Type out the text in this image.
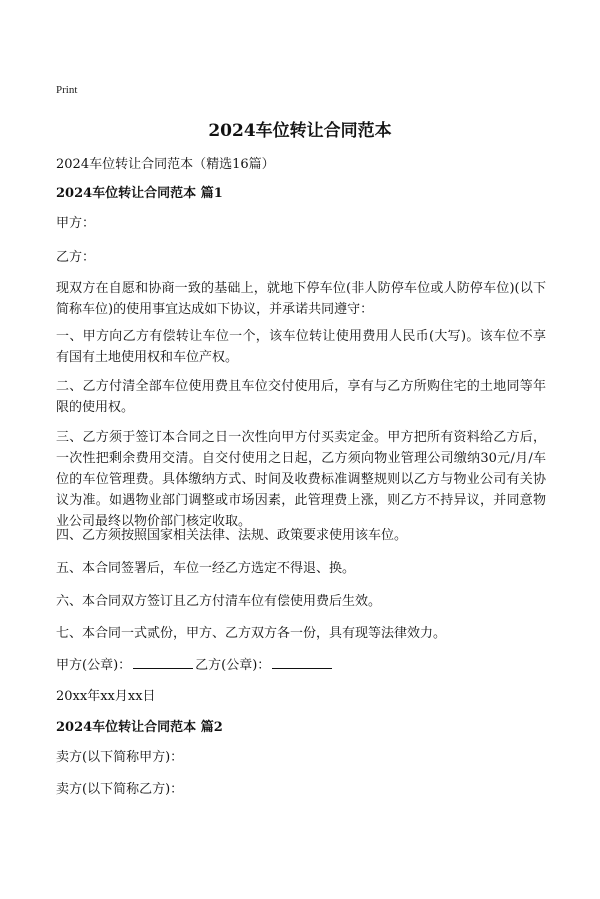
Print
2024车位转让合同范本
2024车位转让合同范本（精选16篇）
2024车位转让合同范本 篇1
甲方：
乙方：
现双方在自愿和协商一致的基础上，就地下停车位(非人防停车位或人防停车位)(以下简称车位)的使用事宜达成如下协议，并承诺共同遵守：
一、甲方向乙方有偿转让车位一个，该车位转让使用费用人民币(大写)。该车位不享有国有土地使用权和车位产权。
二、乙方付清全部车位使用费且车位交付使用后，享有与乙方所购住宅的土地同等年限的使用权。
三、乙方须于签订本合同之日一次性向甲方付买卖定金。甲方把所有资料给乙方后，一次性把剩余费用交清。自交付使用之日起，乙方须向物业管理公司缴纳30元/月/车位的车位管理费。具体缴纳方式、时间及收费标准调整规则以乙方与物业公司有关协议为准。如遇物业部门调整或市场因素，此管理费上涨，则乙方不持异议，并同意物业公司最终以物价部门核定收取。
四、乙方须按照国家相关法律、法规、政策要求使用该车位。
五、本合同签署后，车位一经乙方选定不得退、换。
六、本合同双方签订且乙方付清车位有偿使用费后生效。
七、本合同一式贰份，甲方、乙方双方各一份，具有现等法律效力。
甲方(公章)：	乙方(公章)：
20xx年xx月xx日
2024车位转让合同范本 篇2
卖方(以下简称甲方)：
卖方(以下简称乙方)：
